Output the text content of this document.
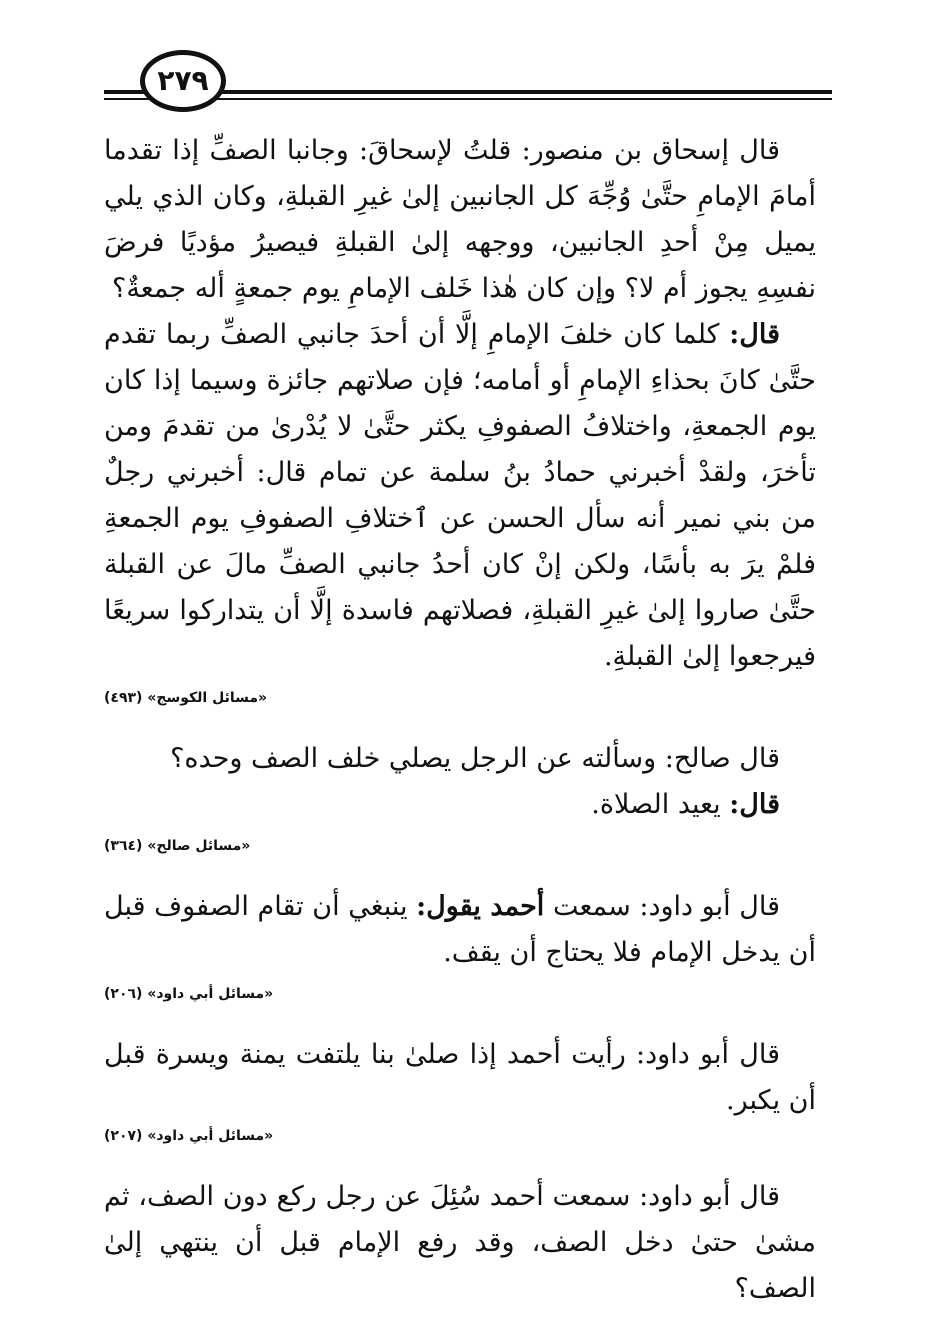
٢٧٩

قال إسحاق بن منصور: قلتُ لإسحاقَ: وجانبا الصفِّ إذا تقدما أمامَ الإمامِ حتَّىٰ وُجِّهَ كل الجانبين إلىٰ غيرِ القبلةِ، وكان الذي يلي يميل مِنْ أحدِ الجانبين، ووجهه إلىٰ القبلةِ فيصيرُ مؤديًا فرضَ نفسِهِ يجوز أم لا؟ وإن كان هٰذا خَلف الإمامِ يوم جمعةٍ أله جمعةٌ؟

قال: كلما كان خلفَ الإمامِ إلَّا أن أحدَ جانبي الصفِّ ربما تقدم حتَّىٰ كانَ بحذاءِ الإمامِ أو أمامه؛ فإن صلاتهم جائزة وسيما إذا كان يوم الجمعةِ، واختلافُ الصفوفِ يكثر حتَّىٰ لا يُدْرىٰ من تقدمَ ومن تأخرَ، ولقدْ أخبرني حمادُ بنُ سلمة عن تمام قال: أخبرني رجلٌ من بني نمير أنه سأل الحسن عن ٱختلافِ الصفوفِ يوم الجمعةِ فلمْ يرَ به بأسًا، ولكن إنْ كان أحدُ جانبي الصفِّ مالَ عن القبلة حتَّىٰ صاروا إلىٰ غيرِ القبلةِ، فصلاتهم فاسدة إلَّا أن يتداركوا سريعًا فيرجعوا إلىٰ القبلةِ.

«مسائل الكوسج» (٤٩٣)

قال صالح: وسألته عن الرجل يصلي خلف الصف وحده؟

قال: يعيد الصلاة.

«مسائل صالح» (٣٦٤)

قال أبو داود: سمعت أحمد يقول: ينبغي أن تقام الصفوف قبل أن يدخل الإمام فلا يحتاج أن يقف.

«مسائل أبي داود» (٢٠٦)

قال أبو داود: رأيت أحمد إذا صلىٰ بنا يلتفت يمنة ويسرة قبل أن يكبر.

«مسائل أبي داود» (٢٠٧)

قال أبو داود: سمعت أحمد سُئِلَ عن رجل ركع دون الصف، ثم مشىٰ حتىٰ دخل الصف، وقد رفع الإمام قبل أن ينتهي إلىٰ الصف؟
